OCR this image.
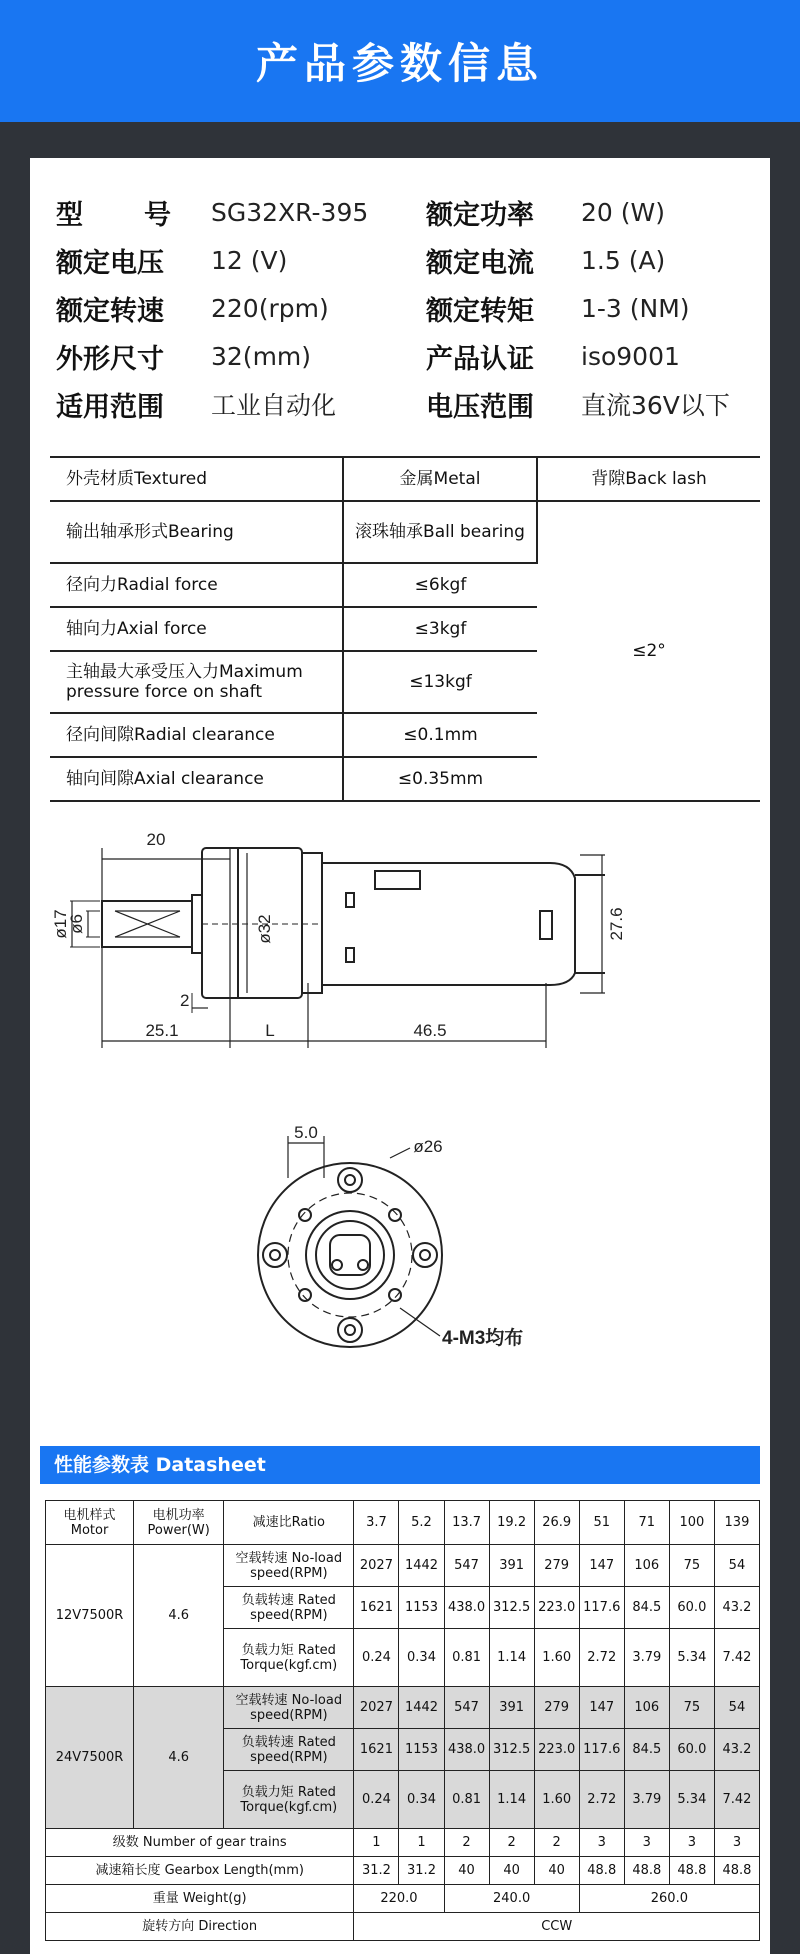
产品参数信息
型 号 SG32XR-395	额定功率	20 (W)
额定电压	12 (V)	额定电流	1.5 (A)
额定转速	220(rpm)	额定转矩	1-3 (NM)
外形尺寸	32(mm)	产品认证	iso9001
适用范围	工业自动化	电压范围	直流36V以下
外壳材质Textured	金属Metal	背隙Back lash
输出轴承形式Bearing	滚珠轴承Ball bearing	≤2°
径向力Radial force	≤6kgf	
轴向力Axial force	≤3kgf	
主轴最大承受压入力Maximum pressure force on shaft	≤13kgf	
径向间隙Radial clearance	≤0.1mm	
轴向间隙Axial clearance	≤0.35mm	
20
ø17
ø6	ø32	27.6
2
25.1	L	46.5
5.0
ø26
4-M3均布
性能参数表 Datasheet
电机样式 Motor	电机功率 Power(W)	减速比Ratio	3.7	5.2	13.7	19.2	26.9	51	71	100	139
12V7500R	4.6	空载转速 No-load speed(RPM)	2027	1442	547	391	279	147	106	75	54
		负载转速 Rated speed(RPM)	1621	1153	438.0	312.5	223.0	117.6	84.5	60.0	43.2
		负载力矩 Rated Torque(kgf.cm)	0.24	0.34	0.81	1.14	1.60	2.72	3.79	5.34	7.42
24V7500R	4.6	空载转速 No-load speed(RPM)	2027	1442	547	391	279	147	106	75	54
		负载转速 Rated speed(RPM)	1621	1153	438.0	312.5	223.0	117.6	84.5	60.0	43.2
		负载力矩 Rated Torque(kgf.cm)	0.24	0.34	0.81	1.14	1.60	2.72	3.79	5.34	7.42
级数 Number of gear trains			1	1	2	2	2	3	3	3	3
减速箱长度 Gearbox Length(mm)			31.2	31.2	40	40	40	48.8	48.8	48.8	48.8
重量 Weight(g)			220.0		240.0			260.0			
旋转方向 Direction			CCW								
